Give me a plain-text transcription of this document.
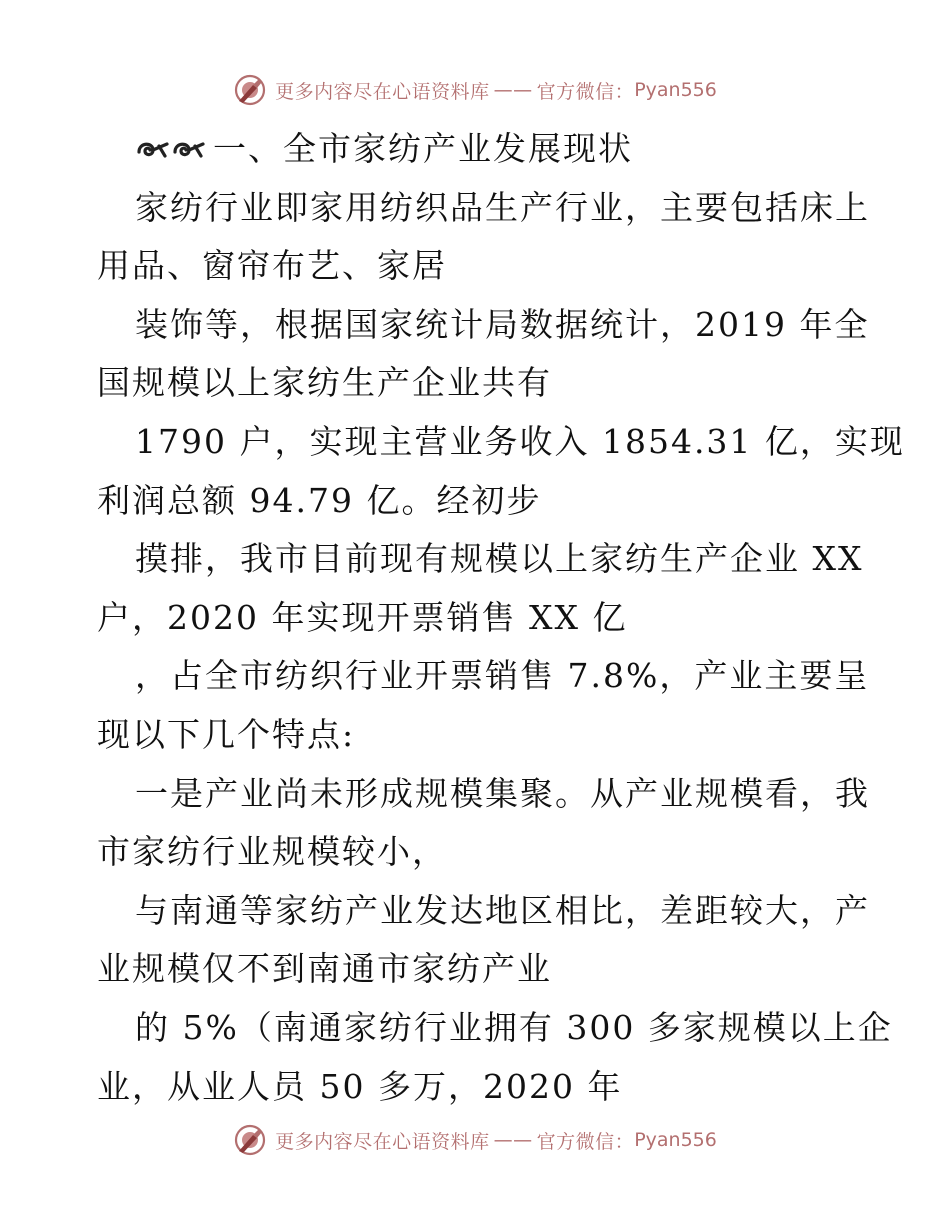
更多内容尽在心语资料库 —— 官方微信： Pyan556
一、全市家纺产业发展现状
家纺行业即家用纺织品生产行业，主要包括床上
用品、窗帘布艺、家居
装饰等，根据国家统计局数据统计，2019 年全
国规模以上家纺生产企业共有
1790 户，实现主营业务收入 1854.31 亿，实现
利润总额 94.79 亿。经初步
摸排，我市目前现有规模以上家纺生产企业 XX
户，2020 年实现开票销售 XX 亿
，占全市纺织行业开票销售 7.8%，产业主要呈
现以下几个特点:
一是产业尚未形成规模集聚。从产业规模看，我
市家纺行业规模较小，
与南通等家纺产业发达地区相比，差距较大，产
业规模仅不到南通市家纺产业
的 5%（南通家纺行业拥有 300 多家规模以上企
业，从业人员 50 多万，2020 年
更多内容尽在心语资料库 —— 官方微信： Pyan556
